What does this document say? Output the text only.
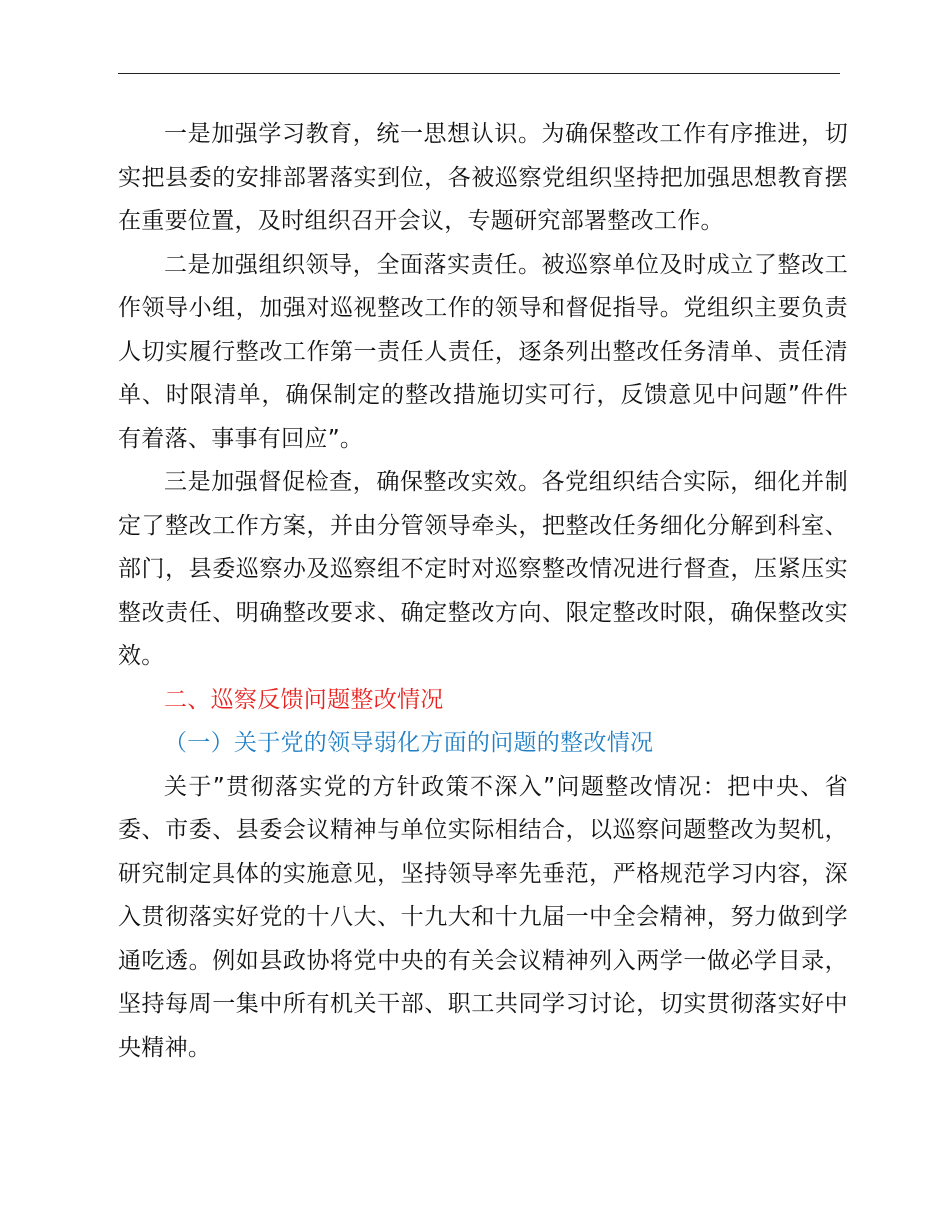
一是加强学习教育，统一思想认识。为确保整改工作有序推进，切实把县委的安排部署落实到位，各被巡察党组织坚持把加强思想教育摆在重要位置，及时组织召开会议，专题研究部署整改工作。

二是加强组织领导，全面落实责任。被巡察单位及时成立了整改工作领导小组，加强对巡视整改工作的领导和督促指导。党组织主要负责人切实履行整改工作第一责任人责任，逐条列出整改任务清单、责任清单、时限清单，确保制定的整改措施切实可行，反馈意见中问题”件件有着落、事事有回应”。

三是加强督促检查，确保整改实效。各党组织结合实际，细化并制定了整改工作方案，并由分管领导牵头，把整改任务细化分解到科室、部门，县委巡察办及巡察组不定时对巡察整改情况进行督查，压紧压实整改责任、明确整改要求、确定整改方向、限定整改时限，确保整改实效。

二、巡察反馈问题整改情况

（一）关于党的领导弱化方面的问题的整改情况

关于”贯彻落实党的方针政策不深入”问题整改情况：把中央、省委、市委、县委会议精神与单位实际相结合，以巡察问题整改为契机，研究制定具体的实施意见，坚持领导率先垂范，严格规范学习内容，深入贯彻落实好党的十八大、十九大和十九届一中全会精神，努力做到学通吃透。例如县政协将党中央的有关会议精神列入两学一做必学目录，坚持每周一集中所有机关干部、职工共同学习讨论，切实贯彻落实好中央精神。
